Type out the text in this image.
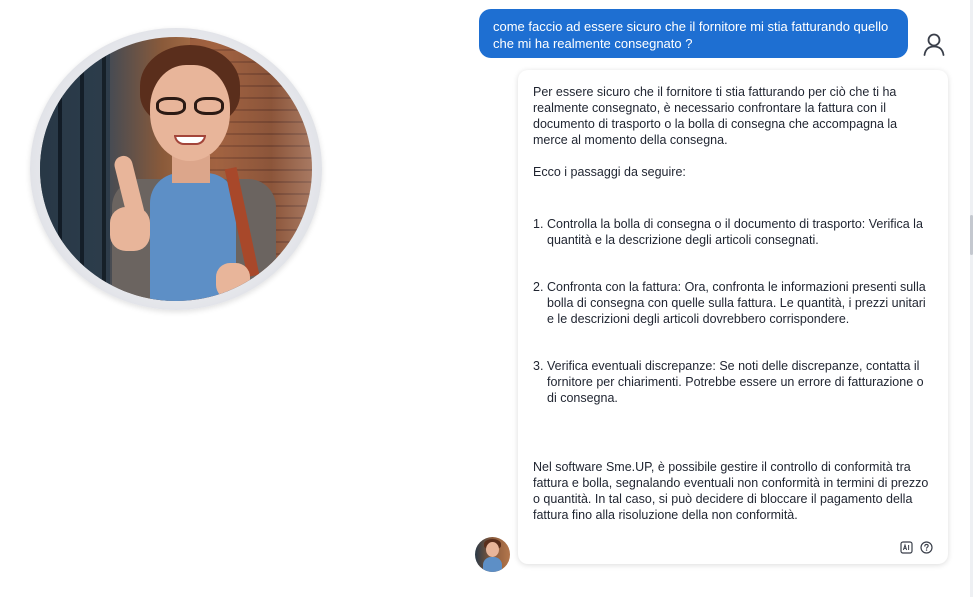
come faccio ad essere sicuro che il fornitore mi stia fatturando quello che mi ha realmente consegnato ?

Per essere sicuro che il fornitore ti stia fatturando per ciò che ti ha realmente consegnato, è necessario confrontare la fattura con il documento di trasporto o la bolla di consegna che accompagna la merce al momento della consegna.

Ecco i passaggi da seguire:

1. Controlla la bolla di consegna o il documento di trasporto: Verifica la quantità e la descrizione degli articoli consegnati.
2. Confronta con la fattura: Ora, confronta le informazioni presenti sulla bolla di consegna con quelle sulla fattura. Le quantità, i prezzi unitari e le descrizioni degli articoli dovrebbero corrispondere.
3. Verifica eventuali discrepanze: Se noti delle discrepanze, contatta il fornitore per chiarimenti. Potrebbe essere un errore di fatturazione o di consegna.

Nel software Sme.UP, è possibile gestire il controllo di conformità tra fattura e bolla, segnalando eventuali non conformità in termini di prezzo o quantità. In tal caso, si può decidere di bloccare il pagamento della fattura fino alla risoluzione della non conformità.
